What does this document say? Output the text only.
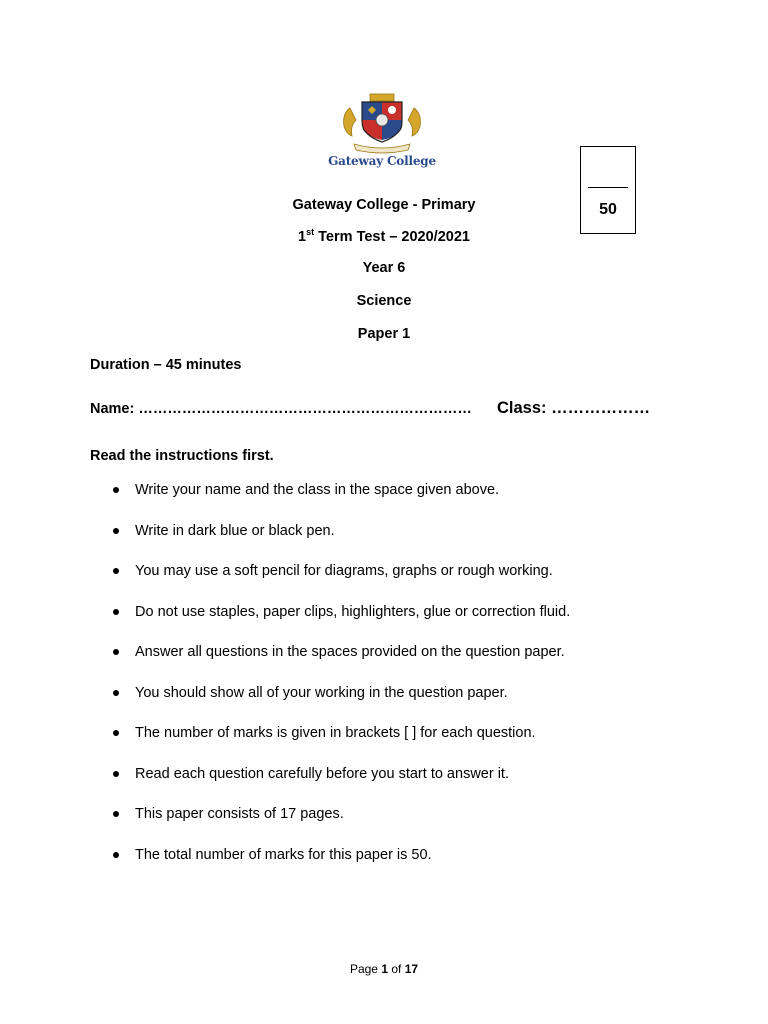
Gateway College
Gateway College - Primary
1st Term Test – 2020/2021
Year 6
Science
Paper 1
50
Duration – 45 minutes
Name: …………………………………………………………… Class: ………………
Read the instructions first.
Write your name and the class in the space given above.
Write in dark blue or black pen.
You may use a soft pencil for diagrams, graphs or rough working.
Do not use staples, paper clips, highlighters, glue or correction fluid.
Answer all questions in the spaces provided on the question paper.
You should show all of your working in the question paper.
The number of marks is given in brackets [ ] for each question.
Read each question carefully before you start to answer it.
This paper consists of 17 pages.
The total number of marks for this paper is 50.
Page 1 of 17
